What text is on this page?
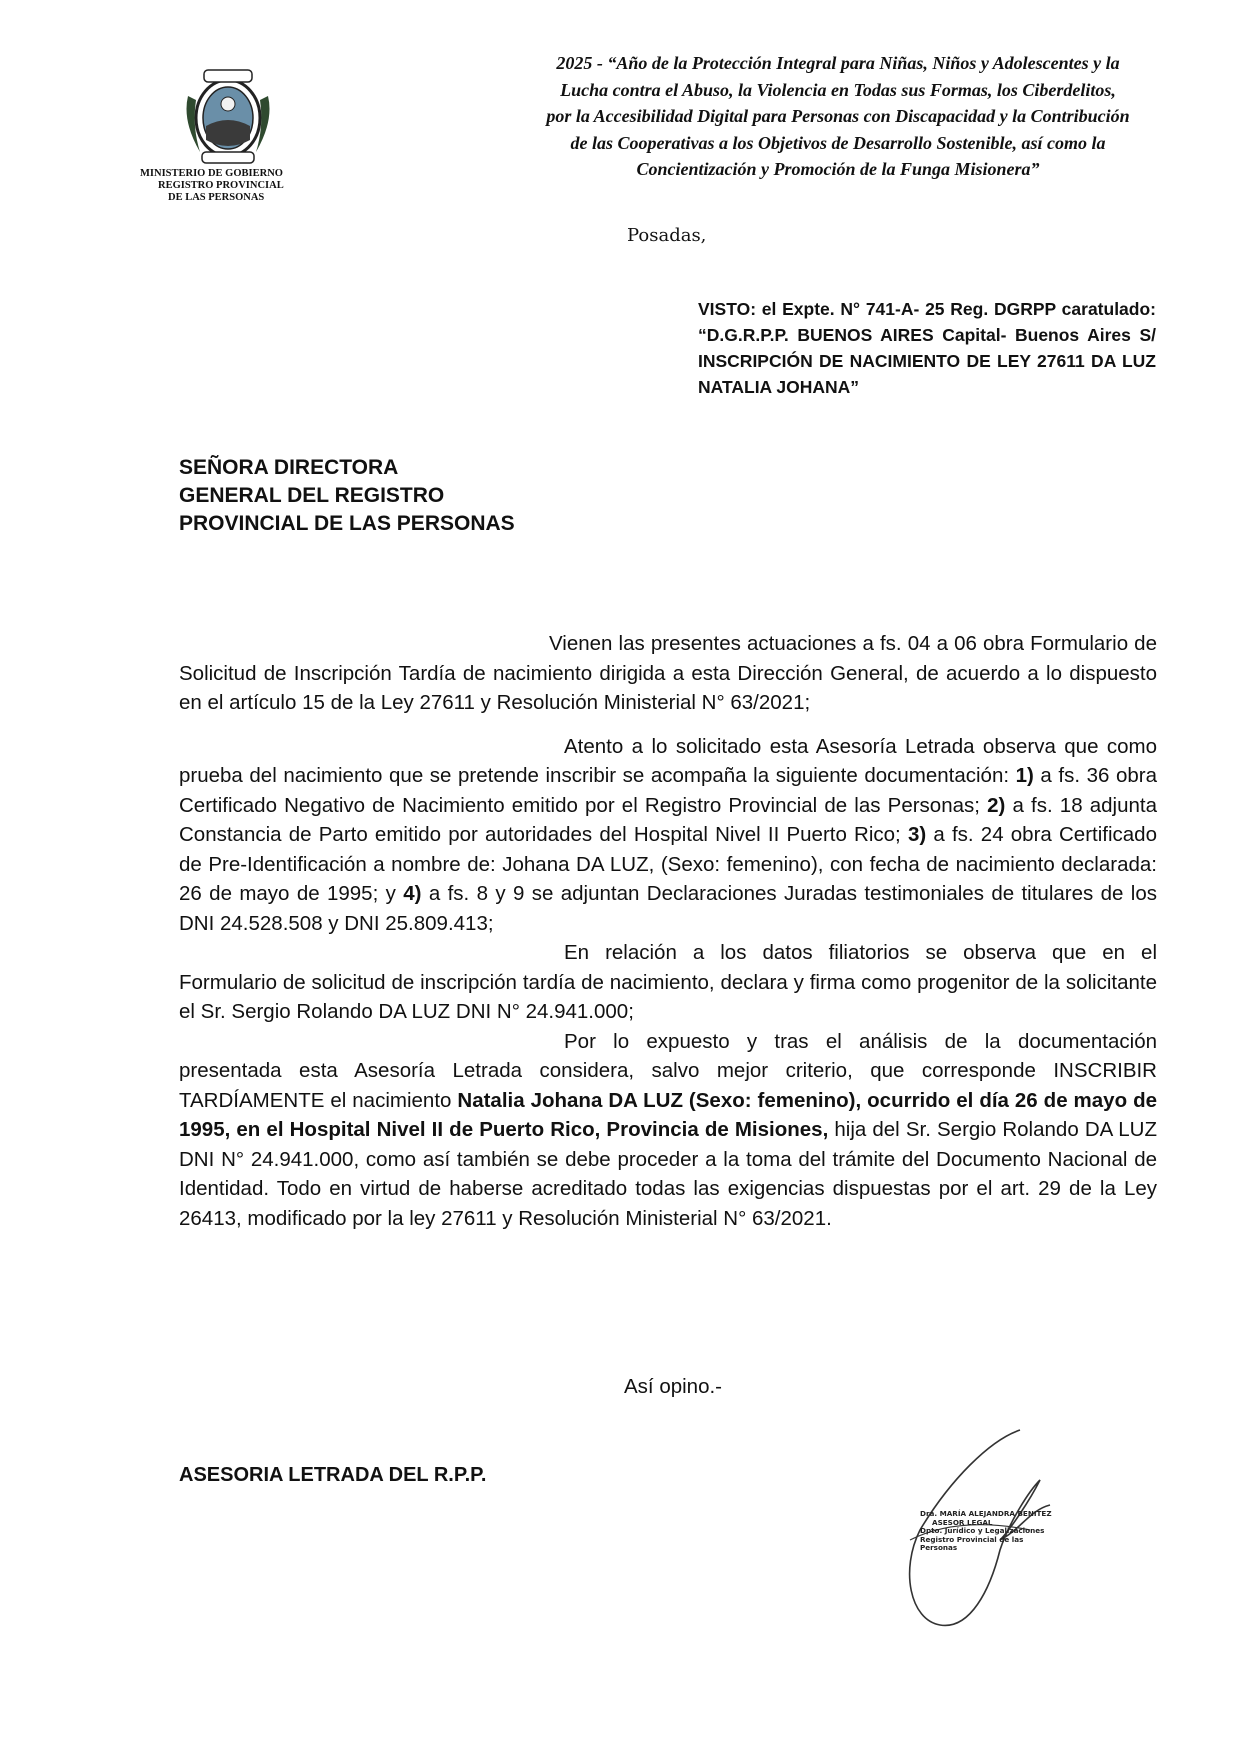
MINISTERIO DE GOBIERNO
REGISTRO PROVINCIAL
DE LAS PERSONAS
2025 - “Año de la Protección Integral para Niñas, Niños y Adolescentes y la
Lucha contra el Abuso, la Violencia en Todas sus Formas, los Ciberdelitos,
por la Accesibilidad Digital para Personas con Discapacidad y la Contribución
de las Cooperativas a los Objetivos de Desarrollo Sostenible, así como la
Concientización y Promoción de la Funga Misionera”
Posadas,
VISTO: el Expte. N° 741-A- 25 Reg. DGRPP caratulado: “D.G.R.P.P. BUENOS AIRES Capital- Buenos Aires S/ INSCRIPCIÓN DE NACIMIENTO DE LEY 27611 DA LUZ NATALIA JOHANA”
SEÑORA DIRECTORA
GENERAL DEL REGISTRO
PROVINCIAL DE LAS PERSONAS

Vienen las presentes actuaciones a fs. 04 a 06 obra Formulario de Solicitud de Inscripción Tardía de nacimiento dirigida a esta Dirección General, de acuerdo a lo dispuesto en el artículo 15 de la Ley 27611 y Resolución Ministerial N° 63/2021;

Atento a lo solicitado esta Asesoría Letrada observa que como prueba del nacimiento que se pretende inscribir se acompaña la siguiente documentación: 1) a fs. 36 obra Certificado Negativo de Nacimiento emitido por el Registro Provincial de las Personas; 2) a fs. 18 adjunta Constancia de Parto emitido por autoridades del Hospital Nivel II Puerto Rico; 3) a fs. 24 obra Certificado de Pre-Identificación a nombre de: Johana DA LUZ, (Sexo: femenino), con fecha de nacimiento declarada: 26 de mayo de 1995; y 4) a fs. 8 y 9 se adjuntan Declaraciones Juradas testimoniales de titulares de los DNI 24.528.508 y DNI 25.809.413;

En relación a los datos filiatorios se observa que en el Formulario de solicitud de inscripción tardía de nacimiento, declara y firma como progenitor de la solicitante el Sr. Sergio Rolando DA LUZ DNI N° 24.941.000;

Por lo expuesto y tras el análisis de la documentación presentada esta Asesoría Letrada considera, salvo mejor criterio, que corresponde INSCRIBIR TARDÍAMENTE el nacimiento Natalia Johana DA LUZ (Sexo: femenino), ocurrido el día 26 de mayo de 1995, en el Hospital Nivel II de Puerto Rico, Provincia de Misiones, hija del Sr. Sergio Rolando DA LUZ DNI N° 24.941.000, como así también se debe proceder a la toma del trámite del Documento Nacional de Identidad. Todo en virtud de haberse acreditado todas las exigencias dispuestas por el art. 29 de la Ley 26413, modificado por la ley 27611 y Resolución Ministerial N° 63/2021.

Así opino.-
ASESORIA LETRADA DEL R.P.P.
Dra. MARÍA ALEJANDRA BENITEZ
ASESOR LEGAL
Dpto. Jurídico y Legalizaciones
Registro Provincial de las Personas
